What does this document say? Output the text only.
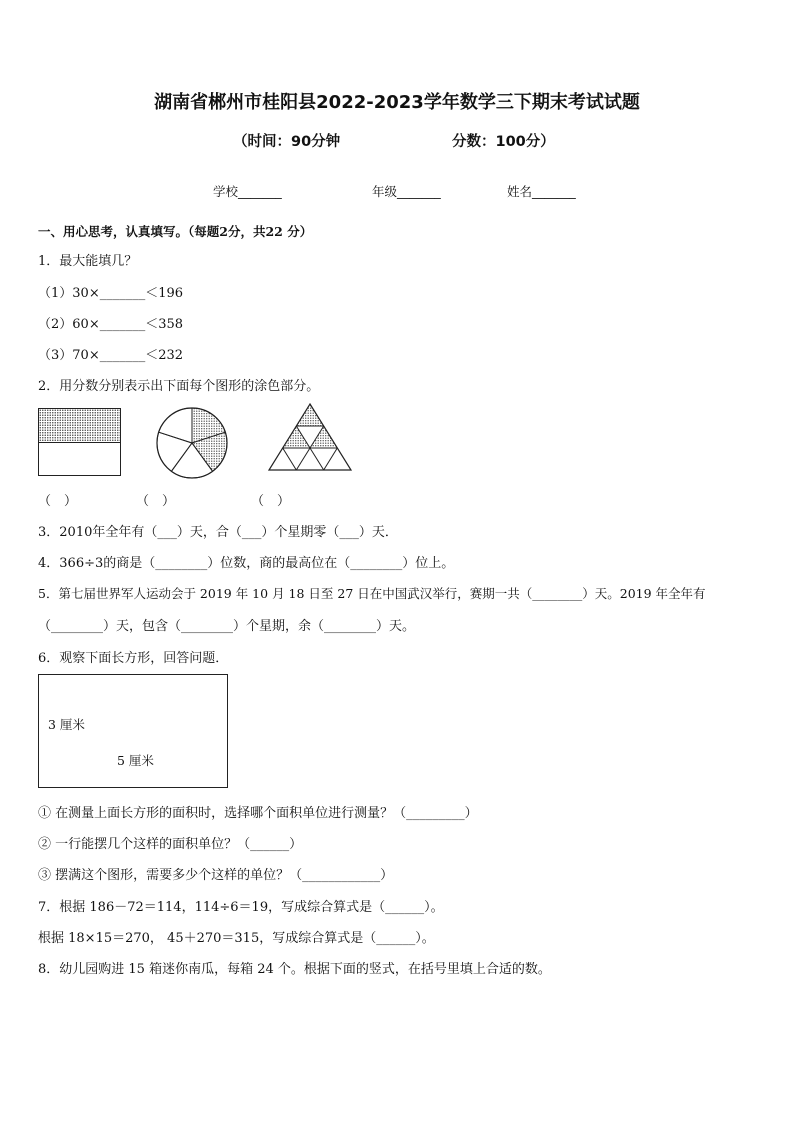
湖南省郴州市桂阳县2022-2023学年数学三下期末考试试题
（时间：90分钟	分数：100分）
学校_______	年级_______	姓名_______
一、用心思考，认真填写。（每题2分，共22 分）
1．最大能填几？
（1）30×_______＜196
（2）60×_______＜358
（3）70×_______＜232
2．用分数分别表示出下面每个图形的涂色部分。
（　）	（　）	（　）
3．2010年全年有（___）天，合（___）个星期零（___）天．
4．366÷3的商是（________）位数，商的最高位在（________）位上。
5．第七届世界军人运动会于 2019 年 10 月 18 日至 27 日在中国武汉举行，赛期一共（________）天。2019 年全年有
（________）天，包含（________）个星期，余（________）天。
6．观察下面长方形，回答问题．
3 厘米
5 厘米
① 在测量上面长方形的面积时，选择哪个面积单位进行测量？（_________）
② 一行能摆几个这样的面积单位？（______）
③ 摆满这个图形，需要多少个这样的单位？（____________）
7．根据 186－72＝114，114÷6＝19，写成综合算式是（______）。
根据 18×15＝270， 45＋270＝315，写成综合算式是（______）。
8．幼儿园购进 15 箱迷你南瓜，每箱 24 个。根据下面的竖式，在括号里填上合适的数。
